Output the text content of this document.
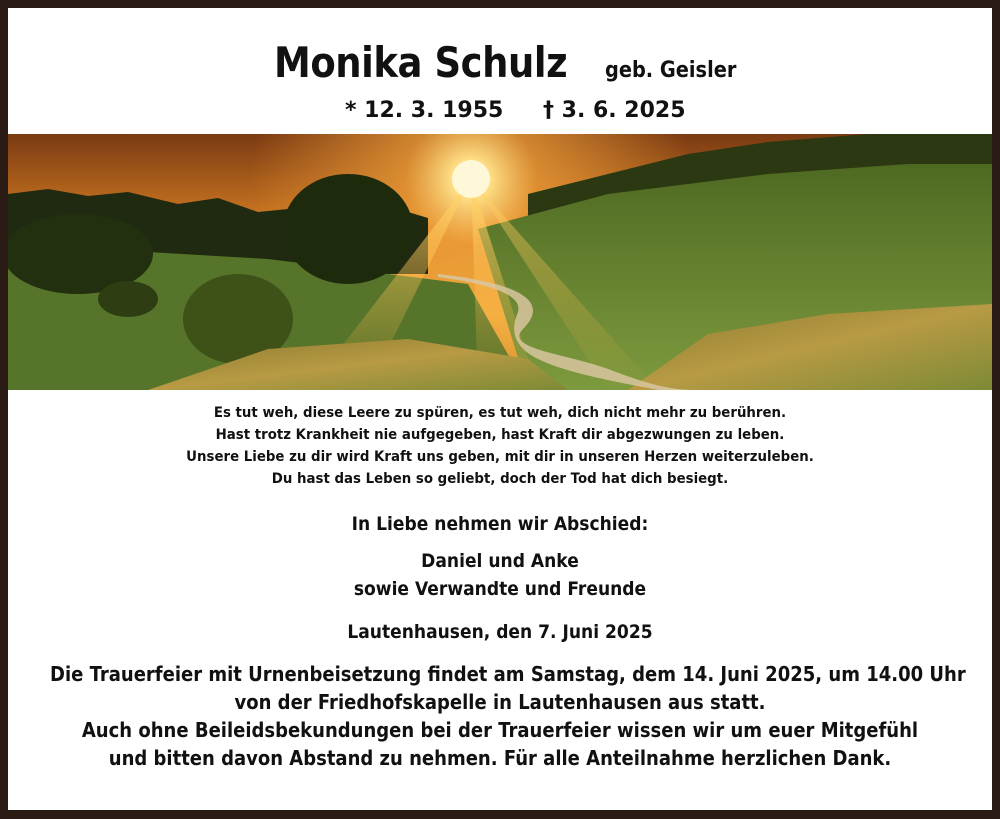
Monika Schulz geb. Geisler
* 12. 3. 1955 † 3. 6. 2025
Es tut weh, diese Leere zu spüren, es tut weh, dich nicht mehr zu berühren.
Hast trotz Krankheit nie aufgegeben, hast Kraft dir abgezwungen zu leben.
Unsere Liebe zu dir wird Kraft uns geben, mit dir in unseren Herzen weiterzuleben.
Du hast das Leben so geliebt, doch der Tod hat dich besiegt.
In Liebe nehmen wir Abschied:
Daniel und Anke
sowie Verwandte und Freunde
Lautenhausen, den 7. Juni 2025
Die Trauerfeier mit Urnenbeisetzung findet am Samstag, dem 14. Juni 2025, um 14.00 Uhr
von der Friedhofskapelle in Lautenhausen aus statt.
Auch ohne Beileidsbekundungen bei der Trauerfeier wissen wir um euer Mitgefühl
und bitten davon Abstand zu nehmen. Für alle Anteilnahme herzlichen Dank.
